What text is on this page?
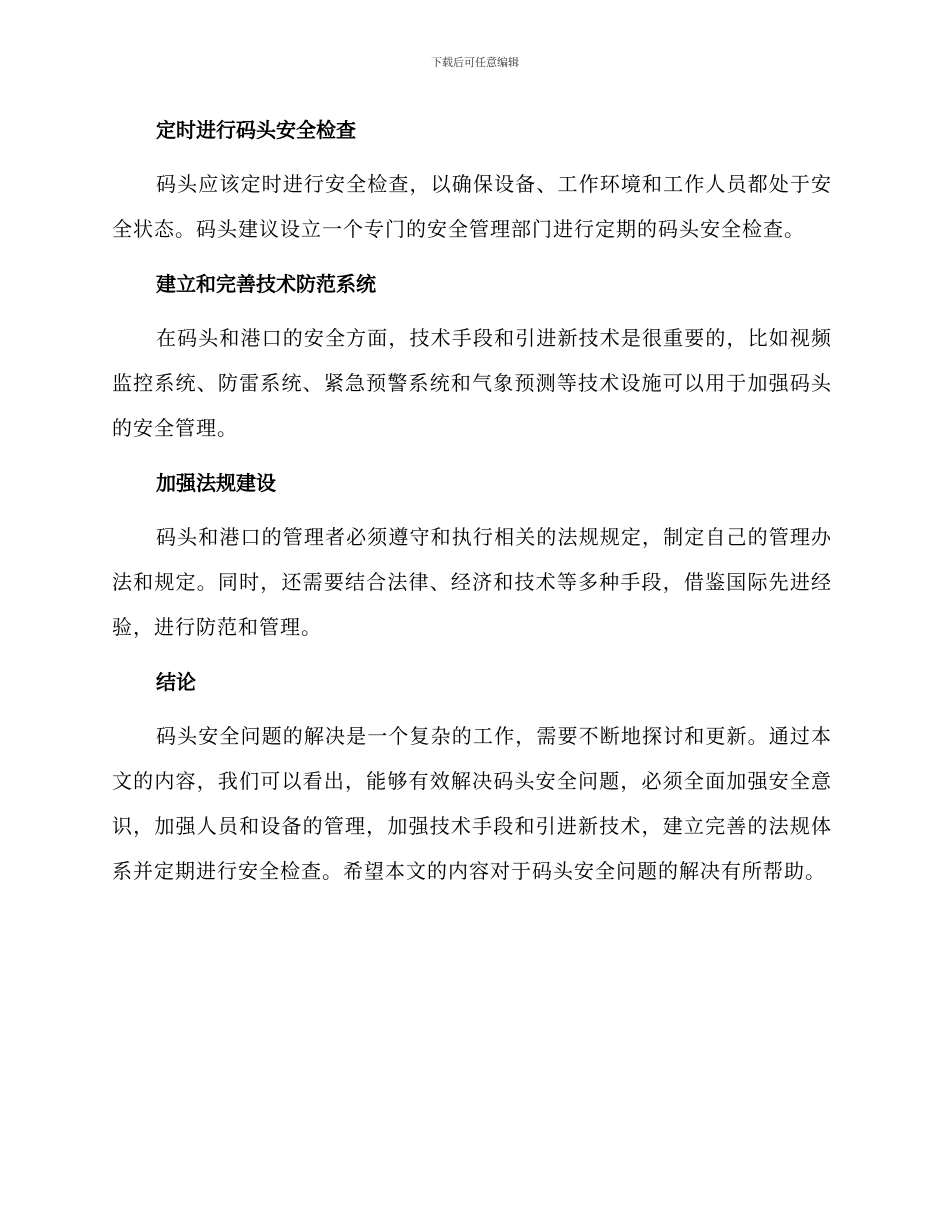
下载后可任意编辑
定时进行码头安全检查

码头应该定时进行安全检查，以确保设备、工作环境和工作人员都处于安全状态。码头建议设立一个专门的安全管理部门进行定期的码头安全检查。

建立和完善技术防范系统

在码头和港口的安全方面，技术手段和引进新技术是很重要的，比如视频监控系统、防雷系统、紧急预警系统和气象预测等技术设施可以用于加强码头的安全管理。

加强法规建设

码头和港口的管理者必须遵守和执行相关的法规规定，制定自己的管理办法和规定。同时，还需要结合法律、经济和技术等多种手段，借鉴国际先进经验，进行防范和管理。

结论

码头安全问题的解决是一个复杂的工作，需要不断地探讨和更新。通过本文的内容，我们可以看出，能够有效解决码头安全问题，必须全面加强安全意识，加强人员和设备的管理，加强技术手段和引进新技术，建立完善的法规体系并定期进行安全检查。希望本文的内容对于码头安全问题的解决有所帮助。
